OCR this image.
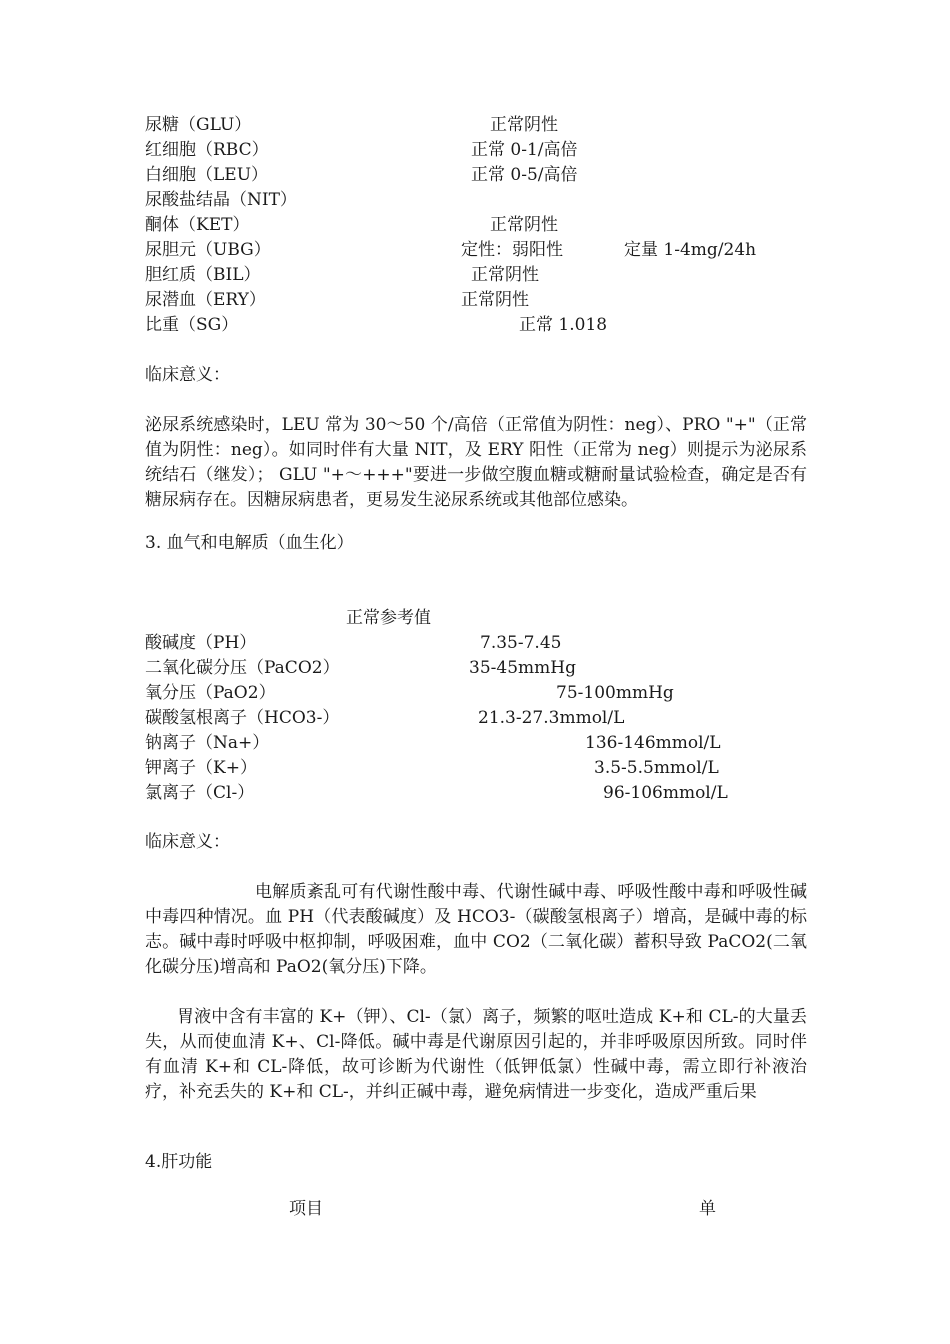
尿糖（GLU）	正常阴性
红细胞（RBC）	正常 0-1/高倍
白细胞（LEU）	正常 0-5/高倍
尿酸盐结晶（NIT）
酮体（KET）	正常阴性
尿胆元（UBG）	定性：弱阳性	定量 1-4mg/24h
胆红质（BIL）	正常阴性
尿潜血（ERY）	正常阴性
比重（SG）	正常 1.018
临床意义：
泌尿系统感染时，LEU 常为 30～50 个/高倍（正常值为阴性：neg）、PRO "+"（正常值为阴性：neg）。如同时伴有大量 NIT，及 ERY 阳性（正常为 neg）则提示为泌尿系统结石（继发）； GLU "+～+++"要进一步做空腹血糖或糖耐量试验检查，确定是否有糖尿病存在。因糖尿病患者，更易发生泌尿系统或其他部位感染。
3. 血气和电解质（血生化）
正常参考值
酸碱度（PH）	7.35-7.45
二氧化碳分压（PaCO2）	35-45mmHg
氧分压（PaO2）	75-100mmHg
碳酸氢根离子（HCO3-）	21.3-27.3mmol/L
钠离子（Na+）	136-146mmol/L
钾离子（K+）	3.5-5.5mmol/L
氯离子（Cl-）	96-106mmol/L
临床意义：
电解质紊乱可有代谢性酸中毒、代谢性碱中毒、呼吸性酸中毒和呼吸性碱中毒四种情况。血 PH（代表酸碱度）及 HCO3-（碳酸氢根离子）增高，是碱中毒的标志。碱中毒时呼吸中枢抑制，呼吸困难，血中 CO2（二氧化碳）蓄积导致 PaCO2(二氧化碳分压)增高和 PaO2(氧分压)下降。
胃液中含有丰富的 K+（钾）、Cl-（氯）离子，频繁的呕吐造成 K+和 CL-的大量丢失，从而使血清 K+、Cl-降低。碱中毒是代谢原因引起的，并非呼吸原因所致。同时伴有血清 K+和 CL-降低，故可诊断为代谢性（低钾低氯）性碱中毒，需立即行补液治疗，补充丢失的 K+和 CL-，并纠正碱中毒，避免病情进一步变化，造成严重后果
4.肝功能
项目	单
